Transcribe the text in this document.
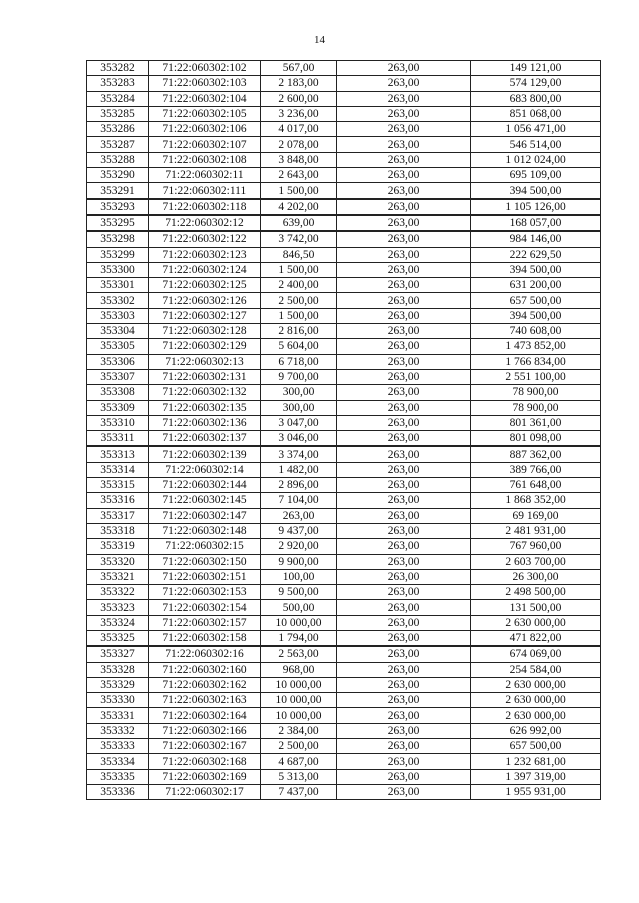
14
353282	71:22:060302:102	567,00	263,00	149 121,00
353283	71:22:060302:103	2 183,00	263,00	574 129,00
353284	71:22:060302:104	2 600,00	263,00	683 800,00
353285	71:22:060302:105	3 236,00	263,00	851 068,00
353286	71:22:060302:106	4 017,00	263,00	1 056 471,00
353287	71:22:060302:107	2 078,00	263,00	546 514,00
353288	71:22:060302:108	3 848,00	263,00	1 012 024,00
353290	71:22:060302:11	2 643,00	263,00	695 109,00
353291	71:22:060302:111	1 500,00	263,00	394 500,00
353293	71:22:060302:118	4 202,00	263,00	1 105 126,00
353295	71:22:060302:12	639,00	263,00	168 057,00
353298	71:22:060302:122	3 742,00	263,00	984 146,00
353299	71:22:060302:123	846,50	263,00	222 629,50
353300	71:22:060302:124	1 500,00	263,00	394 500,00
353301	71:22:060302:125	2 400,00	263,00	631 200,00
353302	71:22:060302:126	2 500,00	263,00	657 500,00
353303	71:22:060302:127	1 500,00	263,00	394 500,00
353304	71:22:060302:128	2 816,00	263,00	740 608,00
353305	71:22:060302:129	5 604,00	263,00	1 473 852,00
353306	71:22:060302:13	6 718,00	263,00	1 766 834,00
353307	71:22:060302:131	9 700,00	263,00	2 551 100,00
353308	71:22:060302:132	300,00	263,00	78 900,00
353309	71:22:060302:135	300,00	263,00	78 900,00
353310	71:22:060302:136	3 047,00	263,00	801 361,00
353311	71:22:060302:137	3 046,00	263,00	801 098,00
353313	71:22:060302:139	3 374,00	263,00	887 362,00
353314	71:22:060302:14	1 482,00	263,00	389 766,00
353315	71:22:060302:144	2 896,00	263,00	761 648,00
353316	71:22:060302:145	7 104,00	263,00	1 868 352,00
353317	71:22:060302:147	263,00	263,00	69 169,00
353318	71:22:060302:148	9 437,00	263,00	2 481 931,00
353319	71:22:060302:15	2 920,00	263,00	767 960,00
353320	71:22:060302:150	9 900,00	263,00	2 603 700,00
353321	71:22:060302:151	100,00	263,00	26 300,00
353322	71:22:060302:153	9 500,00	263,00	2 498 500,00
353323	71:22:060302:154	500,00	263,00	131 500,00
353324	71:22:060302:157	10 000,00	263,00	2 630 000,00
353325	71:22:060302:158	1 794,00	263,00	471 822,00
353327	71:22:060302:16	2 563,00	263,00	674 069,00
353328	71:22:060302:160	968,00	263,00	254 584,00
353329	71:22:060302:162	10 000,00	263,00	2 630 000,00
353330	71:22:060302:163	10 000,00	263,00	2 630 000,00
353331	71:22:060302:164	10 000,00	263,00	2 630 000,00
353332	71:22:060302:166	2 384,00	263,00	626 992,00
353333	71:22:060302:167	2 500,00	263,00	657 500,00
353334	71:22:060302:168	4 687,00	263,00	1 232 681,00
353335	71:22:060302:169	5 313,00	263,00	1 397 319,00
353336	71:22:060302:17	7 437,00	263,00	1 955 931,00
